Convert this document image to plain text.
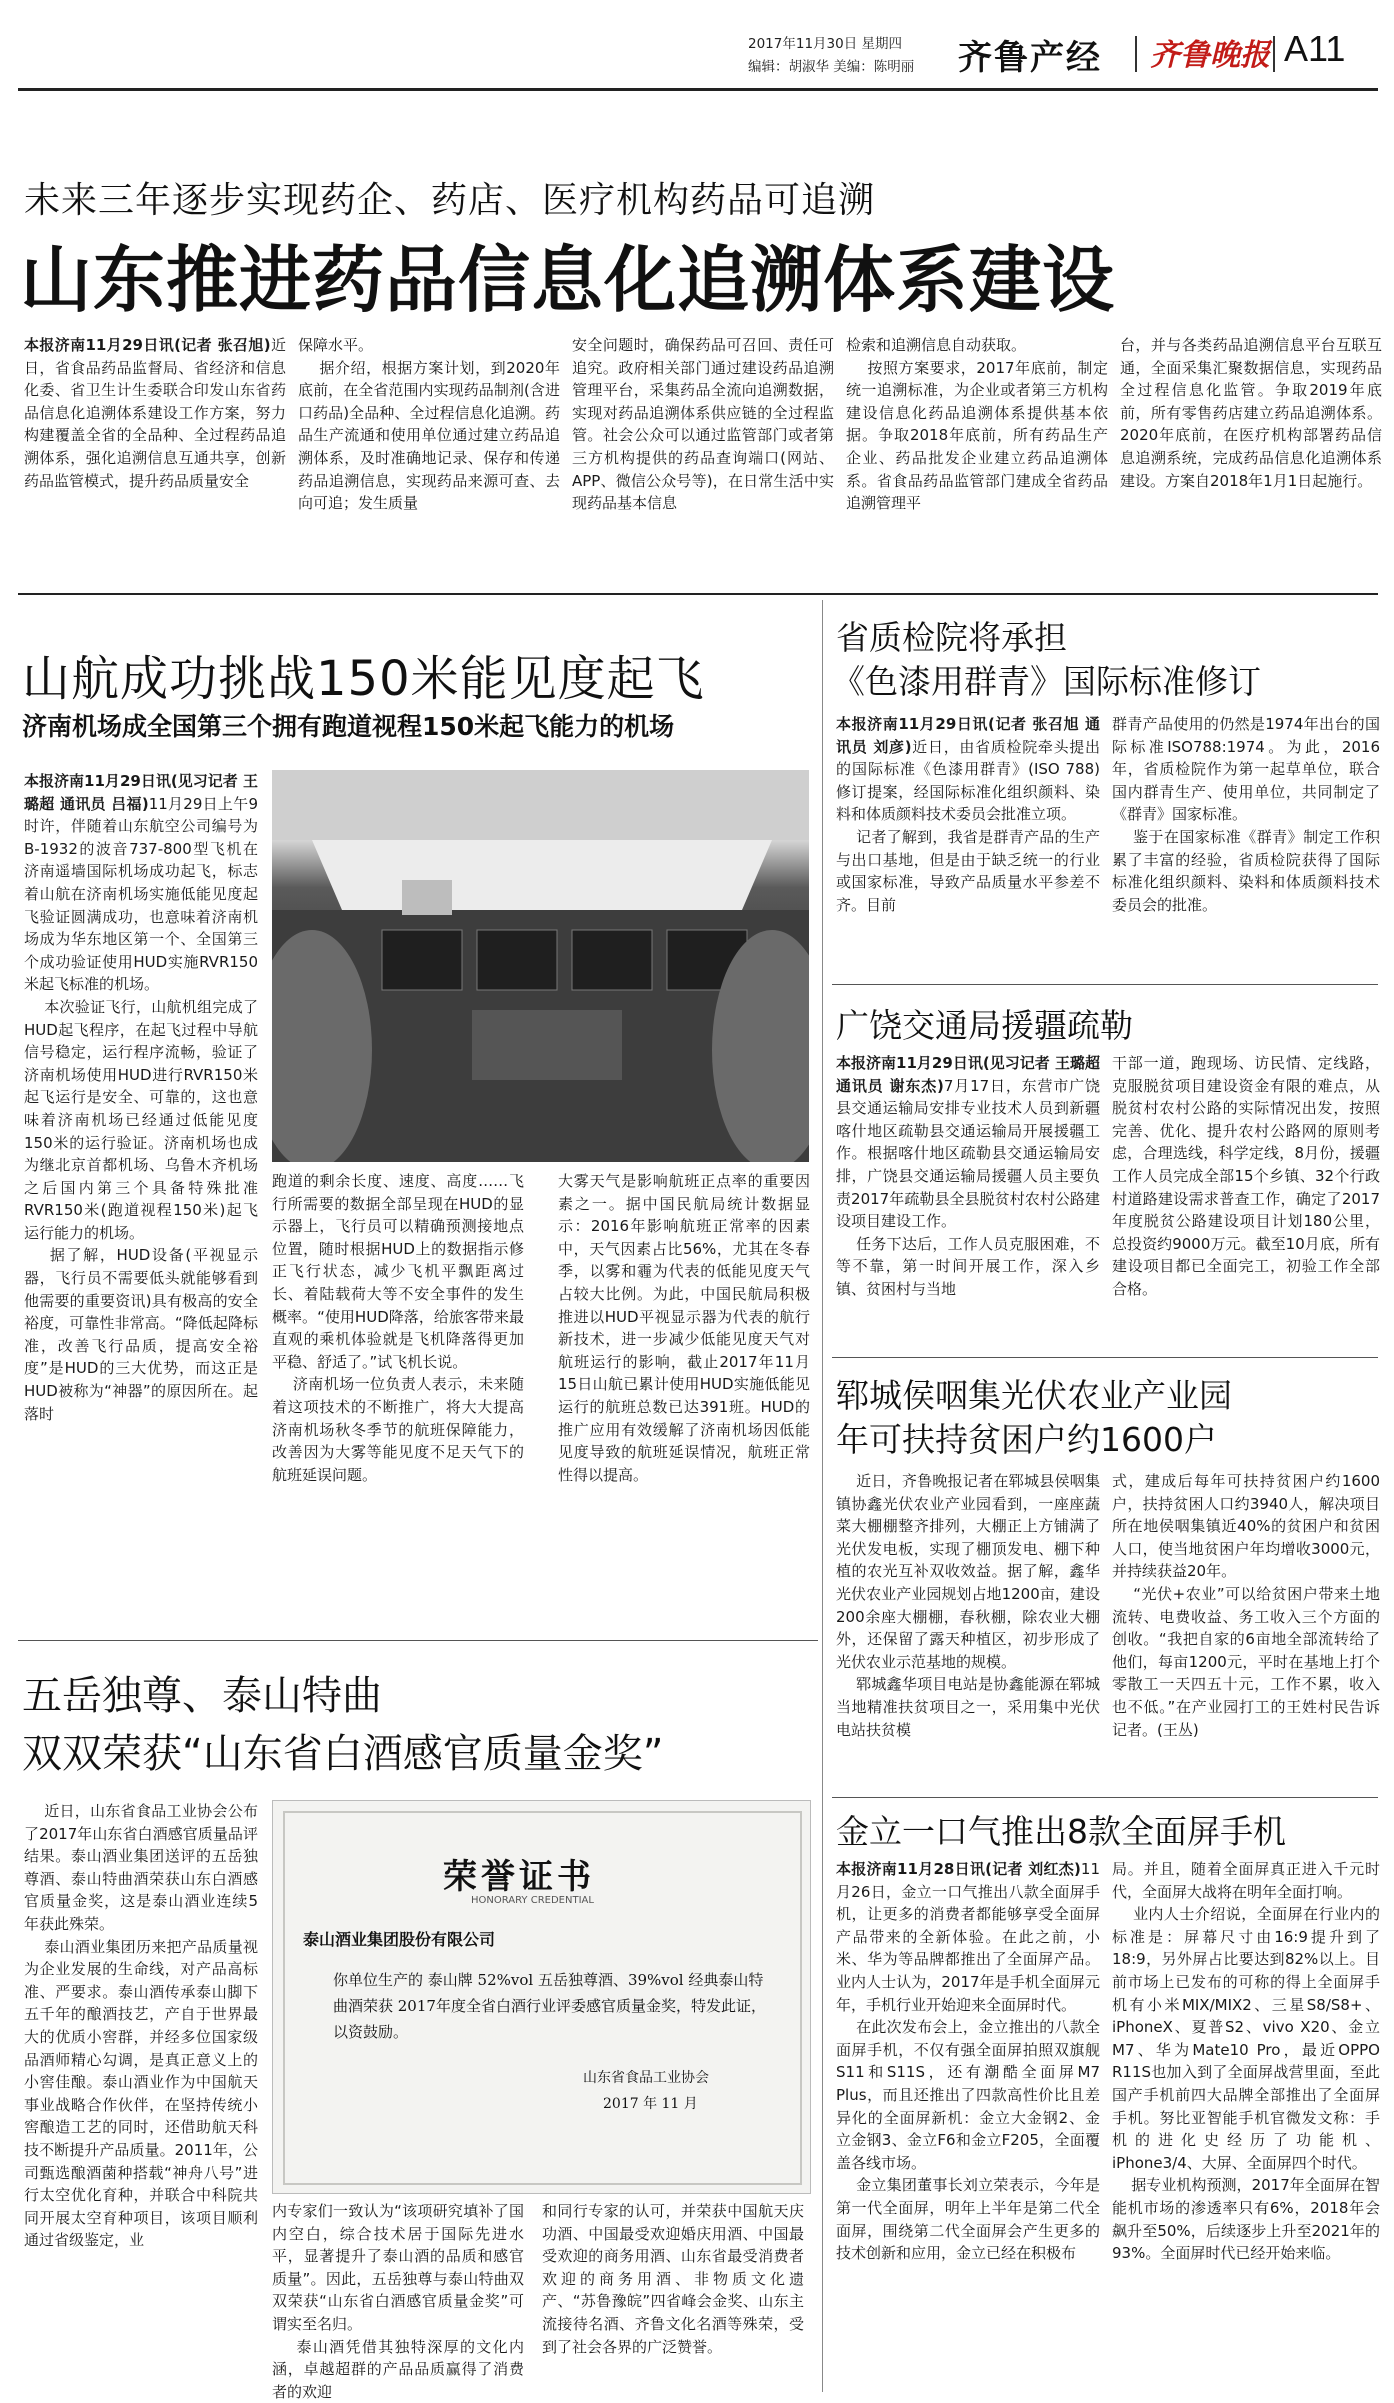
2017年11月30日 星期四
编辑：胡淑华 美编：陈明丽 齐鲁产经 齐鲁晚报 A11
未来三年逐步实现药企、药店、医疗机构药品可追溯
山东推进药品信息化追溯体系建设
本报济南11月29日讯(记者 张召旭)近日，省食品药品监督局、省经济和信息化委、省卫生计生委联合印发山东省药品信息化追溯体系建设工作方案，努力构建覆盖全省的全品种、全过程药品追溯体系，强化追溯信息互通共享，创新药品监管模式，提升药品质量安全
保障水平。
据介绍，根据方案计划，到2020年底前，在全省范围内实现药品制剂(含进口药品)全品种、全过程信息化追溯。药品生产流通和使用单位通过建立药品追溯体系，及时准确地记录、保存和传递药品追溯信息，实现药品来源可查、去向可追；发生质量
安全问题时，确保药品可召回、责任可追究。政府相关部门通过建设药品追溯管理平台，采集药品全流向追溯数据，实现对药品追溯体系供应链的全过程监管。社会公众可以通过监管部门或者第三方机构提供的药品查询端口(网站、APP、微信公众号等)，在日常生活中实现药品基本信息
检索和追溯信息自动获取。
按照方案要求，2017年底前，制定统一追溯标准，为企业或者第三方机构建设信息化药品追溯体系提供基本依据。争取2018年底前，所有药品生产企业、药品批发企业建立药品追溯体系。省食品药品监管部门建成全省药品追溯管理平
台，并与各类药品追溯信息平台互联互通，全面采集汇聚数据信息，实现药品全过程信息化监管。争取2019年底前，所有零售药店建立药品追溯体系。2020年底前，在医疗机构部署药品信息追溯系统，完成药品信息化追溯体系建设。方案自2018年1月1日起施行。
山航成功挑战150米能见度起飞
济南机场成全国第三个拥有跑道视程150米起飞能力的机场
本报济南11月29日讯(见习记者 王璐超 通讯员 吕福)11月29日上午9时许，伴随着山东航空公司编号为B-1932的波音737-800型飞机在济南遥墙国际机场成功起飞，标志着山航在济南机场实施低能见度起飞验证圆满成功，也意味着济南机场成为华东地区第一个、全国第三个成功验证使用HUD实施RVR150米起飞标准的机场。
本次验证飞行，山航机组完成了HUD起飞程序，在起飞过程中导航信号稳定，运行程序流畅，验证了济南机场使用HUD进行RVR150米起飞运行是安全、可靠的，这也意味着济南机场已经通过低能见度150米的运行验证。济南机场也成为继北京首都机场、乌鲁木齐机场之后国内第三个具备特殊批准RVR150米(跑道视程150米)起飞运行能力的机场。
据了解，HUD设备(平视显示器，飞行员不需要低头就能够看到他需要的重要资讯)具有极高的安全裕度，可靠性非常高。“降低起降标准，改善飞行品质，提高安全裕度”是HUD的三大优势，而这正是HUD被称为“神器”的原因所在。起落时
跑道的剩余长度、速度、高度……飞行所需要的数据全部呈现在HUD的显示器上，飞行员可以精确预测接地点位置，随时根据HUD上的数据指示修正飞行状态，减少飞机平飘距离过长、着陆载荷大等不安全事件的发生概率。“使用HUD降落，给旅客带来最直观的乘机体验就是飞机降落得更加平稳、舒适了。”试飞机长说。
济南机场一位负责人表示，未来随着这项技术的不断推广，将大大提高济南机场秋冬季节的航班保障能力，改善因为大雾等能见度不足天气下的航班延误问题。
大雾天气是影响航班正点率的重要因素之一。据中国民航局统计数据显示：2016年影响航班正常率的因素中，天气因素占比56%，尤其在冬春季，以雾和霾为代表的低能见度天气占较大比例。为此，中国民航局积极推进以HUD平视显示器为代表的航行新技术，进一步减少低能见度天气对航班运行的影响，截止2017年11月15日山航已累计使用HUD实施低能见运行的航班总数已达391班。HUD的推广应用有效缓解了济南机场因低能见度导致的航班延误情况，航班正常性得以提高。
省质检院将承担
《色漆用群青》国际标准修订
本报济南11月29日讯(记者 张召旭 通讯员 刘彦)近日，由省质检院牵头提出的国际标准《色漆用群青》(ISO 788)修订提案，经国际标准化组织颜料、染料和体质颜料技术委员会批准立项。
记者了解到，我省是群青产品的生产与出口基地，但是由于缺乏统一的行业或国家标准，导致产品质量水平参差不齐。目前
群青产品使用的仍然是1974年出台的国际标准ISO788:1974。为此，2016年，省质检院作为第一起草单位，联合国内群青生产、使用单位，共同制定了《群青》国家标准。
鉴于在国家标准《群青》制定工作积累了丰富的经验，省质检院获得了国际标准化组织颜料、染料和体质颜料技术委员会的批准。
广饶交通局援疆疏勒
本报济南11月29日讯(见习记者 王璐超 通讯员 谢东杰)7月17日，东营市广饶县交通运输局安排专业技术人员到新疆喀什地区疏勒县交通运输局开展援疆工作。根据喀什地区疏勒县交通运输局安排，广饶县交通运输局援疆人员主要负责2017年疏勒县全县脱贫村农村公路建设项目建设工作。
任务下达后，工作人员克服困难，不等不靠，第一时间开展工作，深入乡镇、贫困村与当地
干部一道，跑现场、访民情、定线路，克服脱贫项目建设资金有限的难点，从脱贫村农村公路的实际情况出发，按照完善、优化、提升农村公路网的原则考虑，合理选线，科学定线，8月份，援疆工作人员完成全部15个乡镇、32个行政村道路建设需求普查工作，确定了2017年度脱贫公路建设项目计划180公里，总投资约9000万元。截至10月底，所有建设项目都已全面完工，初验工作全部合格。
郓城侯咽集光伏农业产业园
年可扶持贫困户约1600户
近日，齐鲁晚报记者在郓城县侯咽集镇协鑫光伏农业产业园看到，一座座蔬菜大棚棚整齐排列，大棚正上方铺满了光伏发电板，实现了棚顶发电、棚下种植的农光互补双收效益。据了解，鑫华光伏农业产业园规划占地1200亩，建设200余座大棚棚，春秋棚，除农业大棚外，还保留了露天种植区，初步形成了光伏农业示范基地的规模。
郓城鑫华项目电站是协鑫能源在郓城当地精准扶贫项目之一，采用集中光伏电站扶贫模
式，建成后每年可扶持贫困户约1600户，扶持贫困人口约3940人，解决项目所在地侯咽集镇近40%的贫困户和贫困人口，使当地贫困户年均增收3000元，并持续获益20年。
“光伏+农业”可以给贫困户带来土地流转、电费收益、务工收入三个方面的创收。“我把自家的6亩地全部流转给了他们，每亩1200元，平时在基地上打个零散工一天四五十元，工作不累，收入也不低。”在产业园打工的王姓村民告诉记者。(王丛)
五岳独尊、泰山特曲
双双荣获“山东省白酒感官质量金奖”
近日，山东省食品工业协会公布了2017年山东省白酒感官质量品评结果。泰山酒业集团送评的五岳独尊酒、泰山特曲酒荣获山东白酒感官质量金奖，这是泰山酒业连续5年获此殊荣。
泰山酒业集团历来把产品质量视为企业发展的生命线，对产品高标准、严要求。泰山酒传承泰山脚下五千年的酿酒技艺，产自于世界最大的优质小窖群，并经多位国家级品酒师精心勾调，是真正意义上的小窖佳酿。泰山酒业作为中国航天事业战略合作伙伴，在坚持传统小窖酿造工艺的同时，还借助航天科技不断提升产品质量。2011年，公司甄选酿酒菌种搭载“神舟八号”进行太空优化育种，并联合中科院共同开展太空育种项目，该项目顺利通过省级鉴定，业
荣誉证书
HONORARY CREDENTIAL
泰山酒业集团股份有限公司
你单位生产的 泰山牌 52%vol 五岳独尊酒、39%vol 经典泰山特曲酒荣获 2017年度全省白酒行业评委感官质量金奖，特发此证，以资鼓励。
山东省食品工业协会
2017 年 11 月
内专家们一致认为“该项研究填补了国内空白，综合技术居于国际先进水平，显著提升了泰山酒的品质和感官质量”。因此，五岳独尊与泰山特曲双双荣获“山东省白酒感官质量金奖”可谓实至名归。
泰山酒凭借其独特深厚的文化内涵，卓越超群的产品品质赢得了消费者的欢迎
和同行专家的认可，并荣获中国航天庆功酒、中国最受欢迎婚庆用酒、中国最受欢迎的商务用酒、山东省最受消费者欢迎的商务用酒、非物质文化遗产、“苏鲁豫皖”四省峰会金奖、山东主流接待名酒、齐鲁文化名酒等殊荣，受到了社会各界的广泛赞誉。
金立一口气推出8款全面屏手机
本报济南11月28日讯(记者 刘红杰)11月26日，金立一口气推出八款全面屏手机，让更多的消费者都能够享受全面屏产品带来的全新体验。在此之前，小米、华为等品牌都推出了全面屏产品。业内人士认为，2017年是手机全面屏元年，手机行业开始迎来全面屏时代。
在此次发布会上，金立推出的八款全面屏手机，不仅有强全面屏拍照双旗舰S11和S11S，还有潮酷全面屏M7 Plus，而且还推出了四款高性价比且差异化的全面屏新机：金立大金钢2、金立金钢3、金立F6和金立F205，全面覆盖各线市场。
金立集团董事长刘立荣表示，今年是第一代全面屏，明年上半年是第二代全面屏，围绕第二代全面屏会产生更多的技术创新和应用，金立已经在积极布
局。并且，随着全面屏真正进入千元时代，全面屏大战将在明年全面打响。
业内人士介绍说，全面屏在行业内的标准是：屏幕尺寸由16:9提升到了18:9，另外屏占比要达到82%以上。目前市场上已发布的可称的得上全面屏手机有小米MIX/MIX2、三星S8/S8+、iPhoneX、夏普S2、vivo X20、金立M7、华为Mate10 Pro，最近OPPO R11S也加入到了全面屏战营里面，至此国产手机前四大品牌全部推出了全面屏手机。努比亚智能手机官微发文称：手机的进化史经历了功能机、iPhone3/4、大屏、全面屏四个时代。
据专业机构预测，2017年全面屏在智能机市场的渗透率只有6%，2018年会飙升至50%，后续逐步上升至2021年的93%。全面屏时代已经开始来临。
